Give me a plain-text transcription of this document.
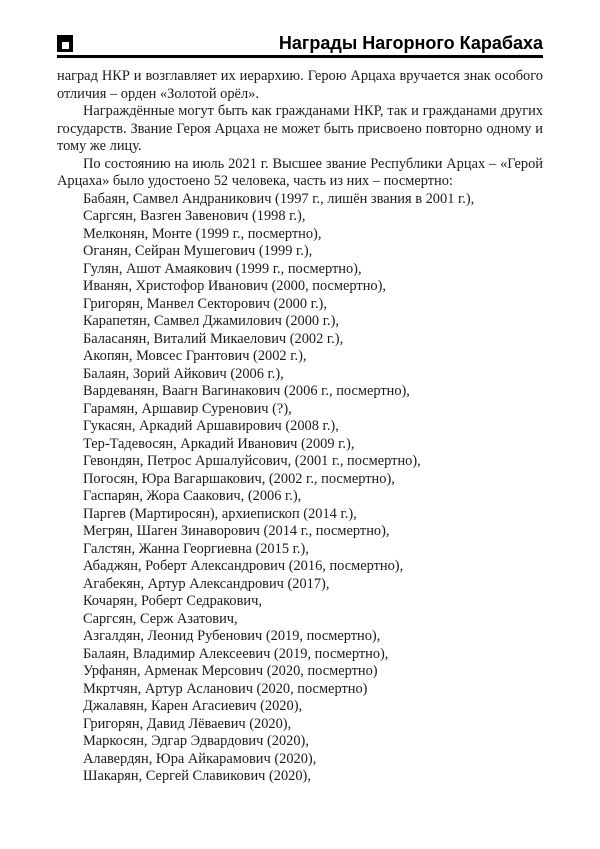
Награды Нагорного Карабаха
наград НКР и возглавляет их иерархию. Герою Арцаха вручается знак особого
отличия – орден «Золотой орёл».
Награждённые могут быть как гражданами НКР, так и гражданами других
государств. Звание Героя Арцаха не может быть присвоено повторно одному и
тому же лицу.
По состоянию на июль 2021 г. Высшее звание Республики Арцах – «Герой
Арцаха» было удостоено 52 человека, часть из них – посмертно:
Бабаян, Самвел Андраникович (1997 г., лишён звания в 2001 г.),
Саргсян, Вазген Завенович (1998 г.),
Мелконян, Монте (1999 г., посмертно),
Оганян, Сейран Мушегович (1999 г.),
Гулян, Ашот Амаякович (1999 г., посмертно),
Иванян, Христофор Иванович (2000, посмертно),
Григорян, Манвел Секторович (2000 г.),
Карапетян, Самвел Джамилович (2000 г.),
Баласанян, Виталий Микаелович (2002 г.),
Акопян, Мовсес Грантович (2002 г.),
Балаян, Зорий Айкович (2006 г.),
Вардеванян, Ваагн Вагинакович (2006 г., посмертно),
Гарамян, Аршавир Суренович (?),
Гукасян, Аркадий Аршавирович (2008 г.),
Тер-Тадевосян, Аркадий Иванович (2009 г.),
Гевондян, Петрос Аршалуйсович, (2001 г., посмертно),
Погосян, Юра Вагаршакович, (2002 г., посмертно),
Гаспарян, Жора Саакович, (2006 г.),
Паргев (Мартиросян), архиепископ (2014 г.),
Мегрян, Шаген Зинаворович (2014 г., посмертно),
Галстян, Жанна Георгиевна (2015 г.),
Абаджян, Роберт Александрович (2016, посмертно),
Агабекян, Артур Александрович (2017),
Кочарян, Роберт Седракович,
Саргсян, Серж Азатович,
Азгалдян, Леонид Рубенович (2019, посмертно),
Балаян, Владимир Алексеевич (2019, посмертно),
Урфанян, Арменак Мерсович (2020, посмертно)
Мкртчян, Артур Асланович (2020, посмертно)
Джалавян, Карен Агасиевич (2020),
Григорян, Давид Лёваевич (2020),
Маркосян, Эдгар Эдвардович (2020),
Алавердян, Юра Айкарамович (2020),
Шакарян, Сергей Славикович (2020),
